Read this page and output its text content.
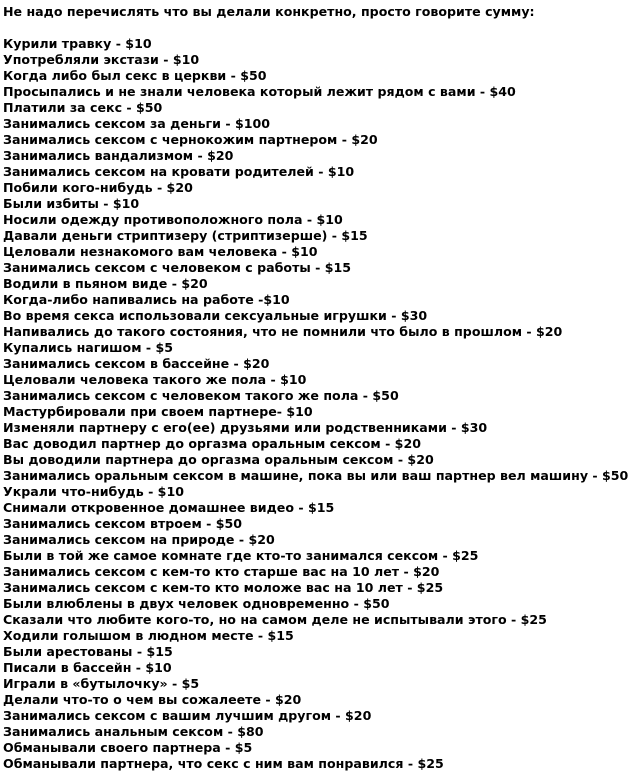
Не надо перечислять что вы делали конкретно, просто говорите сумму:
Курили травку - $10
Употребляли экстази - $10
Когда либо был секс в церкви - $50
Просыпались и не знали человека который лежит рядом с вами - $40
Платили за секс - $50
Занимались сексом за деньги - $100
Занимались сексом с чернокожим партнером - $20
Занимались вандализмом - $20
Занимались сексом на кровати родителей - $10
Побили кого-нибудь - $20
Были избиты - $10
Носили одежду противоположного пола - $10
Давали деньги стриптизеру (стриптизерше) - $15
Целовали незнакомого вам человека - $10
Занимались сексом с человеком с работы - $15
Водили в пьяном виде - $20
Когда-либо напивались на работе -$10
Во время секса использовали сексуальные игрушки - $30
Напивались до такого состояния, что не помнили что было в прошлом - $20
Купались нагишом - $5
Занимались сексом в бассейне - $20
Целовали человека такого же пола - $10
Занимались сексом с человеком такого же пола - $50
Мастурбировали при своем партнере- $10
Изменяли партнеру с его(ее) друзьями или родственниками - $30
Вас доводил партнер до оргазма оральным сексом - $20
Вы доводили партнера до оргазма оральным сексом - $20
Занимались оральным сексом в машине, пока вы или ваш партнер вел машину - $50
Украли что-нибудь - $10
Снимали откровенное домашнее видео - $15
Занимались сексом втроем - $50
Занимались сексом на природе - $20
Были в той же самое комнате где кто-то занимался сексом - $25
Занимались сексом с кем-то кто старше вас на 10 лет - $20
Занимались сексом с кем-то кто моложе вас на 10 лет - $25
Были влюблены в двух человек одновременно - $50
Сказали что любите кого-то, но на самом деле не испытывали этого - $25
Ходили голышом в людном месте - $15
Были арестованы - $15
Писали в бассейн - $10
Играли в «бутылочку» - $5
Делали что-то о чем вы сожалеете - $20
Занимались сексом с вашим лучшим другом - $20
Занимались анальным сексом - $80
Обманывали своего партнера - $5
Обманывали партнера, что секс с ним вам понравился - $25
